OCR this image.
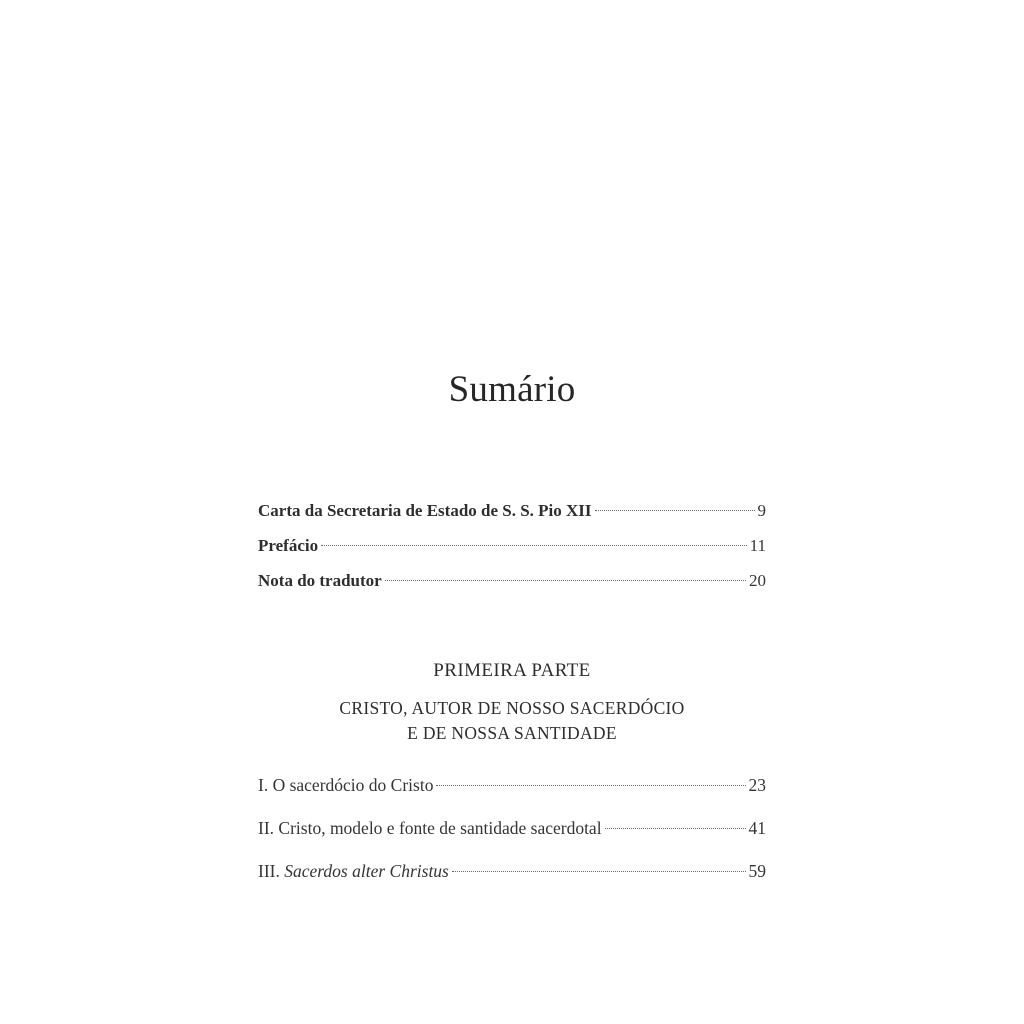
Sumário
Carta da Secretaria de Estado de S. S. Pio XII	9
Prefácio	11
Nota do tradutor	20
I. O sacerdócio do Cristo	23
II. Cristo, modelo e fonte de santidade sacerdotal	41
III. Sacerdos alter Christus	59
PRIMEIRA PARTE
CRISTO, AUTOR DE NOSSO SACERDÓCIO
E DE NOSSA SANTIDADE
